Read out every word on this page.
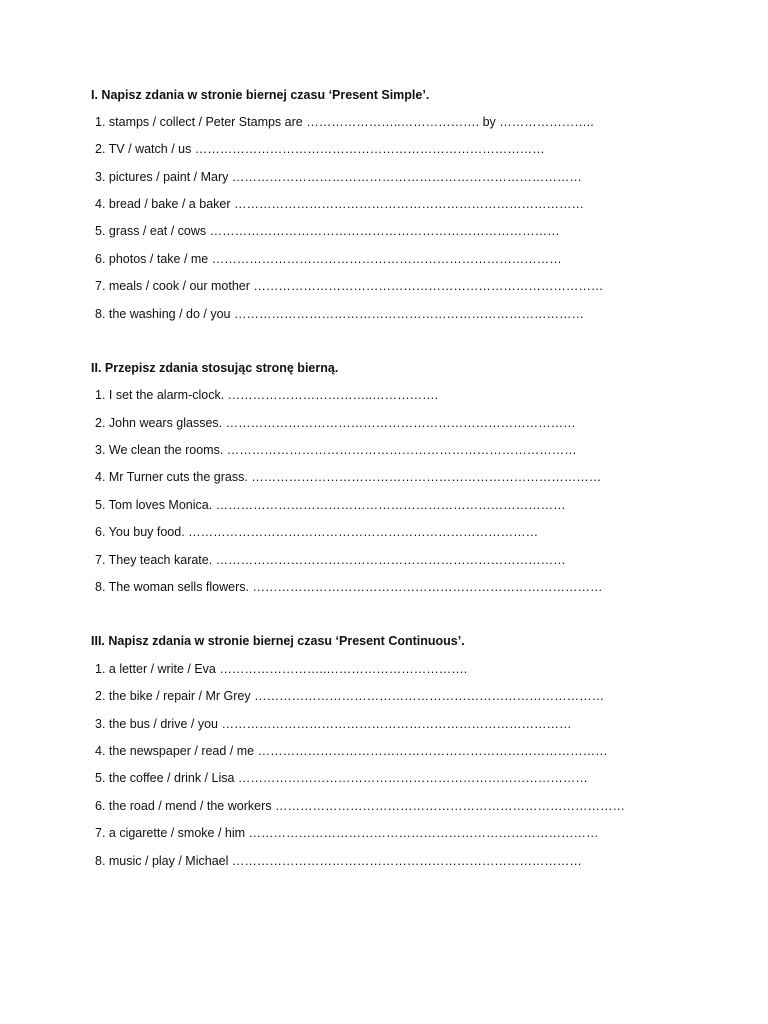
I. Napisz zdania w stronie biernej czasu ‘Present Simple’.
1. stamps / collect / Peter Stamps are …………………..………………. by …………………..
2. TV / watch / us …………………………………………………………………………
3. pictures / paint / Mary …………………………………………………………………………
4. bread / bake / a baker …………………………………………………………………………
5. grass / eat / cows …………………………………………………………………………
6. photos / take / me …………………………………………………………………………
7. meals / cook / our mother …………………………………………………………………………
8. the washing / do / you …………………………………………………………………………
II. Przepisz zdania stosując stronę bierną.
1. I set the alarm-clock. ……………………………..…………….
2. John wears glasses. …………………………………………………………………………
3. We clean the rooms. …………………………………………………………………………
4. Mr Turner cuts the grass. …………………………………………………………………………
5. Tom loves Monica. …………………………………………………………………………
6. You buy food. …………………………………………………………………………
7. They teach karate. …………………………………………………………………………
8. The woman sells flowers. …………………………………………………………………………
III. Napisz zdania w stronie biernej czasu ‘Present Continuous’.
1. a letter / write / Eva ……………………..…………………………….
2. the bike / repair / Mr Grey …………………………………………………………………………
3. the bus / drive / you …………………………………………………………………………
4. the newspaper / read / me …………………………………………………………………………
5. the coffee / drink / Lisa …………………………………………………………………………
6. the road / mend / the workers …………………………………………………………………………
7. a cigarette / smoke / him …………………………………………………………………………
8. music / play / Michael …………………………………………………………………………
